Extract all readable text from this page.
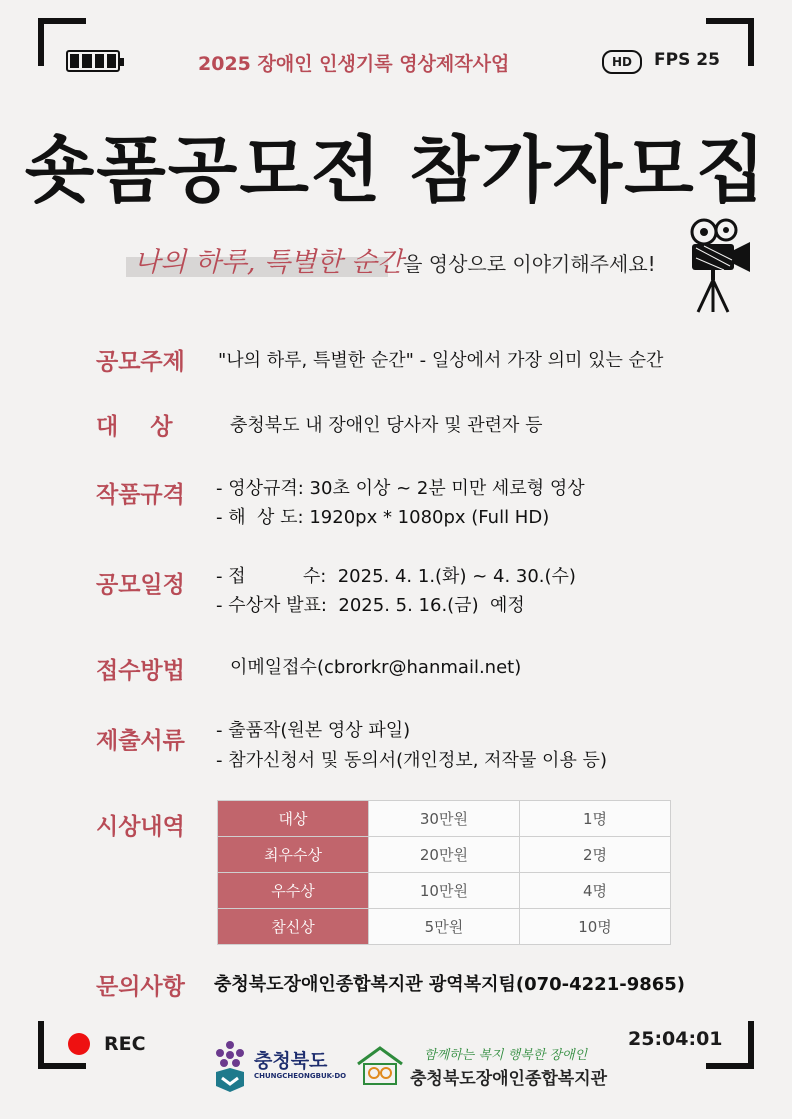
2025 장애인 인생기록 영상제작사업	HD	FPS 25
숏폼공모전 참가자모집
나의 하루, 특별한 순간을 영상으로 이야기해주세요!
공모주제 "나의 하루, 특별한 순간" - 일상에서 가장 의미 있는 순간
대    상	충청북도 내 장애인 당사자 및 관련자 등
작품규격 - 영상규격: 30초 이상 ~ 2분 미만 세로형 영상
- 해  상 도: 1920px * 1080px (Full HD)
공모일정 - 접          수:  2025. 4. 1.(화) ~ 4. 30.(수)
- 수상자 발표:  2025. 5. 16.(금)  예정
접수방법	이메일접수(cbrorkr@hanmail.net)
제출서류 - 출품작(원본 영상 파일)
- 참가신청서 및 동의서(개인정보, 저작물 이용 등)
시상내역	대상	30만원	1명
최우수상	20만원	2명
우수상	10만원	4명
참신상	5만원	10명
문의사항 충청북도장애인종합복지관 광역복지팀(070-4221-9865)
REC	25:04:01
충청북도
CHUNGCHEONGBUK-DO
함께하는 복지 행복한 장애인
충청북도장애인종합복지관
